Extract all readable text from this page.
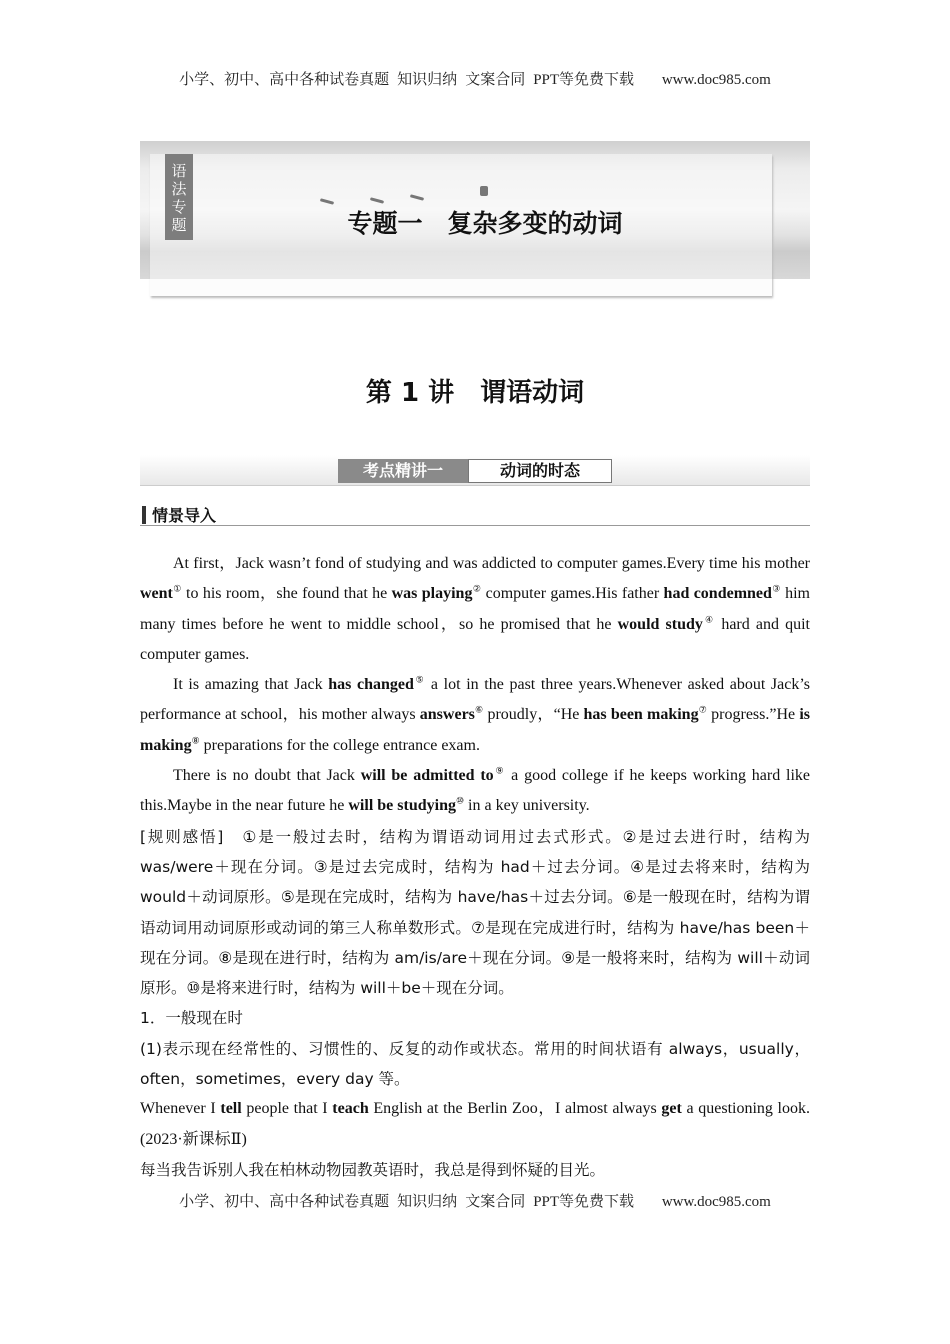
小学、初中、高中各种试卷真题 知识归纳 文案合同 PPT等免费下载 www.doc985.com
语法专题	专题一　复杂多变的动词
第 1 讲　谓语动词
考点精讲一	动词的时态
情景导入

At first，Jack wasn’t fond of studying and was addicted to computer games.Every time his mother went① to his room，she found that he was playing② computer games.His father had condemned③ him many times before he went to middle school，so he promised that he would study④ hard and quit computer games.

It is amazing that Jack has changed⑤ a lot in the past three years.Whenever asked about Jack’s performance at school，his mother always answers⑥ proudly，“He has been making⑦ progress.”He is making⑧ preparations for the college entrance exam.

There is no doubt that Jack will be admitted to⑨ a good college if he keeps working hard like this.Maybe in the near future he will be studying⑩ in a key university.

[规则感悟]　①是一般过去时，结构为谓语动词用过去式形式。②是过去进行时，结构为was/were＋现在分词。③是过去完成时，结构为 had＋过去分词。④是过去将来时，结构为would＋动词原形。⑤是现在完成时，结构为 have/has＋过去分词。⑥是一般现在时，结构为谓语动词用动词原形或动词的第三人称单数形式。⑦是现在完成进行时，结构为 have/has been＋现在分词。⑧是现在进行时，结构为 am/is/are＋现在分词。⑨是一般将来时，结构为 will＋动词原形。⑩是将来进行时，结构为 will＋be＋现在分词。

1．一般现在时

(1)表示现在经常性的、习惯性的、反复的动作或状态。常用的时间状语有 always，usually，often，sometimes，every day 等。

Whenever I tell people that I teach English at the Berlin Zoo，I almost always get a questioning look.(2023·新课标Ⅱ)

每当我告诉别人我在柏林动物园教英语时，我总是得到怀疑的目光。

小学、初中、高中各种试卷真题 知识归纳 文案合同 PPT等免费下载 www.doc985.com
